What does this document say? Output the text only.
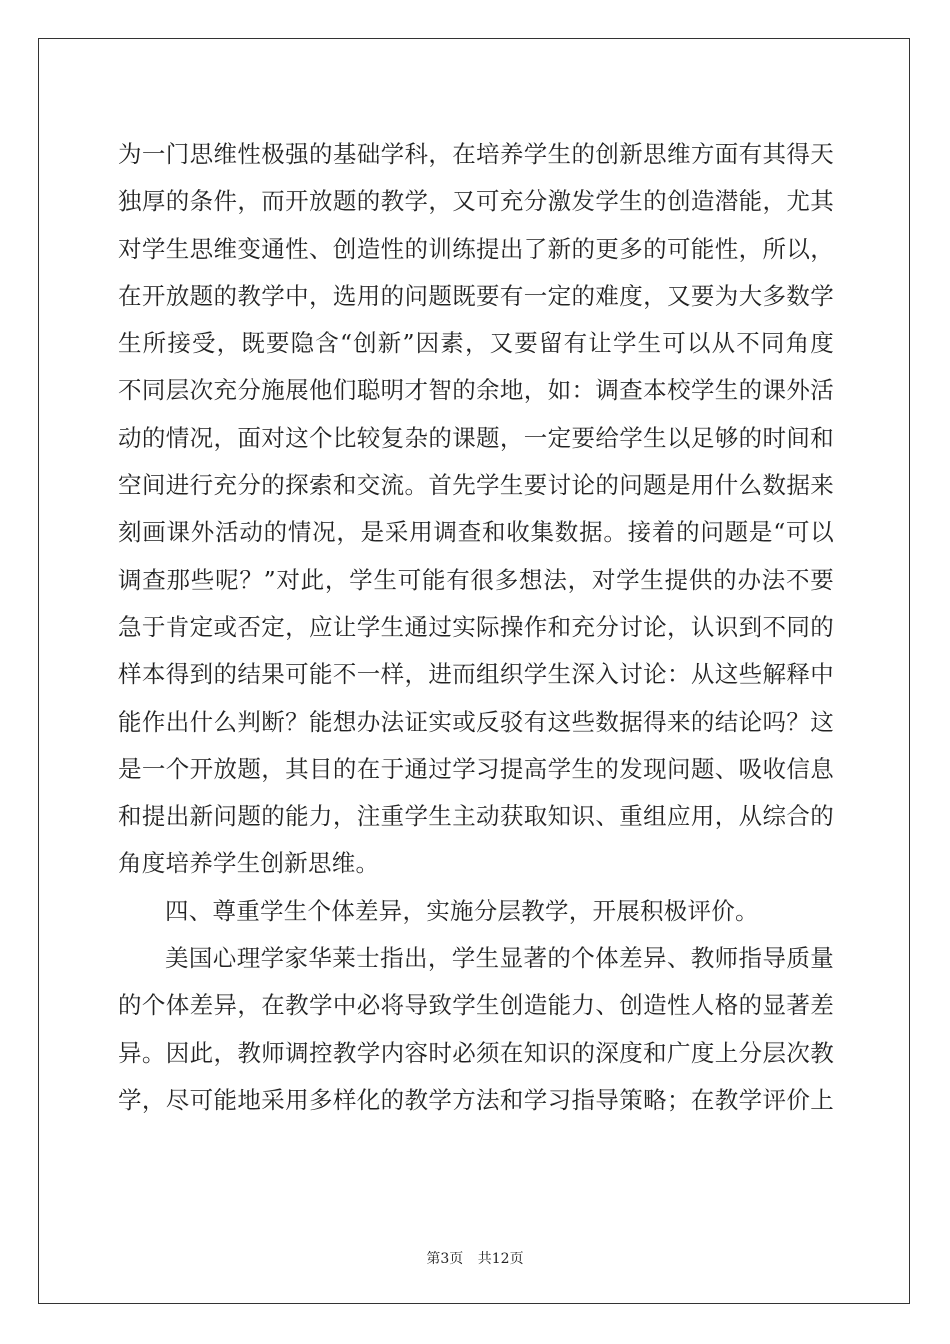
为一门思维性极强的基础学科，在培养学生的创新思维方面有其得天

独厚的条件，而开放题的教学，又可充分激发学生的创造潜能，尤其

对学生思维变通性、创造性的训练提出了新的更多的可能性，所以，

在开放题的教学中，选用的问题既要有一定的难度，又要为大多数学

生所接受，既要隐含“创新”因素，又要留有让学生可以从不同角度

不同层次充分施展他们聪明才智的余地，如：调查本校学生的课外活

动的情况，面对这个比较复杂的课题，一定要给学生以足够的时间和

空间进行充分的探索和交流。首先学生要讨论的问题是用什么数据来

刻画课外活动的情况，是采用调查和收集数据。接着的问题是“可以

调查那些呢？”对此，学生可能有很多想法，对学生提供的办法不要

急于肯定或否定，应让学生通过实际操作和充分讨论，认识到不同的

样本得到的结果可能不一样，进而组织学生深入讨论：从这些解释中

能作出什么判断？能想办法证实或反驳有这些数据得来的结论吗？这

是一个开放题，其目的在于通过学习提高学生的发现问题、吸收信息

和提出新问题的能力，注重学生主动获取知识、重组应用，从综合的

角度培养学生创新思维。

四、尊重学生个体差异，实施分层教学，开展积极评价。

美国心理学家华莱士指出，学生显著的个体差异、教师指导质量

的个体差异，在教学中必将导致学生创造能力、创造性人格的显著差

异。因此，教师调控教学内容时必须在知识的深度和广度上分层次教

学，尽可能地采用多样化的教学方法和学习指导策略；在教学评价上

第3页 共12页
